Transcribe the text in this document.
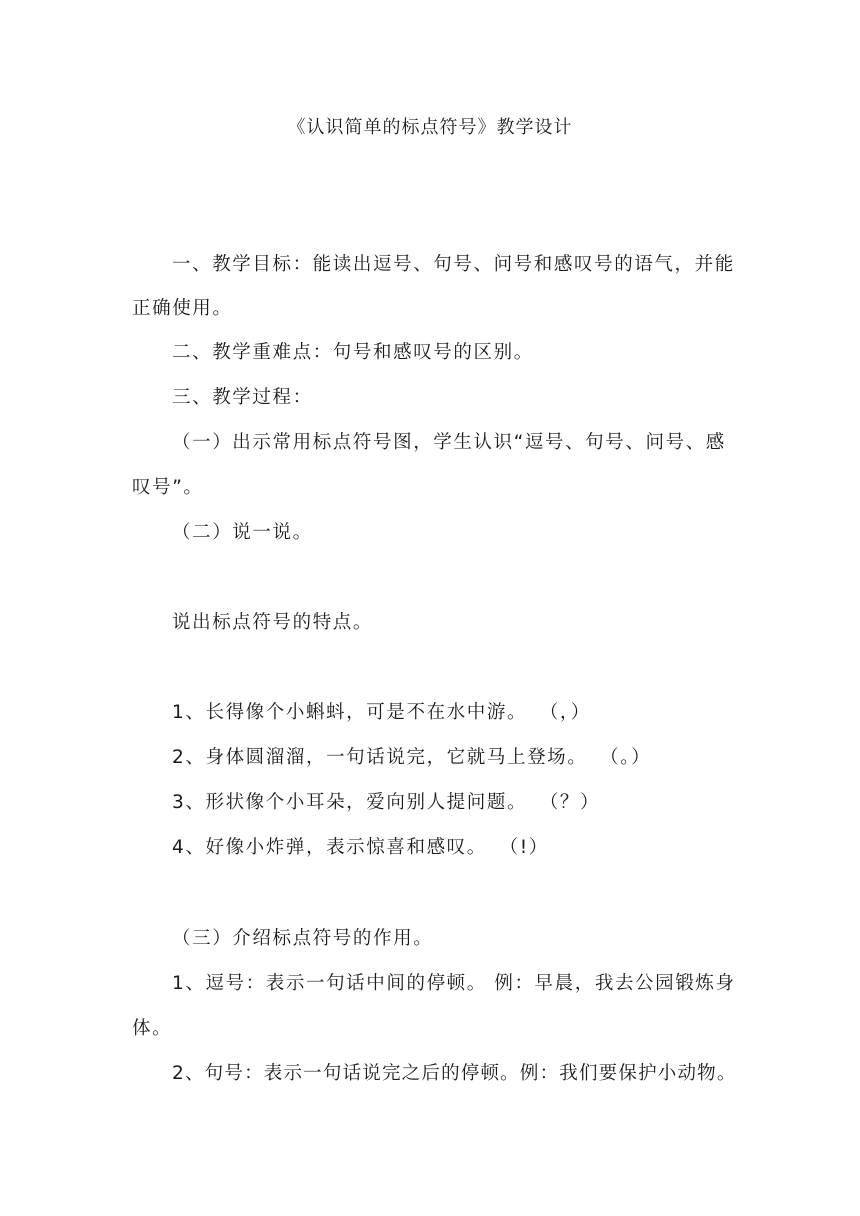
《认识简单的标点符号》教学设计
一、教学目标：能读出逗号、句号、问号和感叹号的语气，并能
正确使用。
二、教学重难点：句号和感叹号的区别。
三、教学过程：
（一）出示常用标点符号图，学生认识“逗号、句号、问号、感
叹号”。
（二）说一说。
说出标点符号的特点。
1、长得像个小蝌蚪，可是不在水中游。 （，）
2、身体圆溜溜，一句话说完，它就马上登场。 （。）
3、形状像个小耳朵，爱向别人提问题。 （？）
4、好像小炸弹，表示惊喜和感叹。 （!）
（三）介绍标点符号的作用。
1、逗号：表示一句话中间的停顿。 例：早晨，我去公园锻炼身
体。
2、句号：表示一句话说完之后的停顿。例：我们要保护小动物。
